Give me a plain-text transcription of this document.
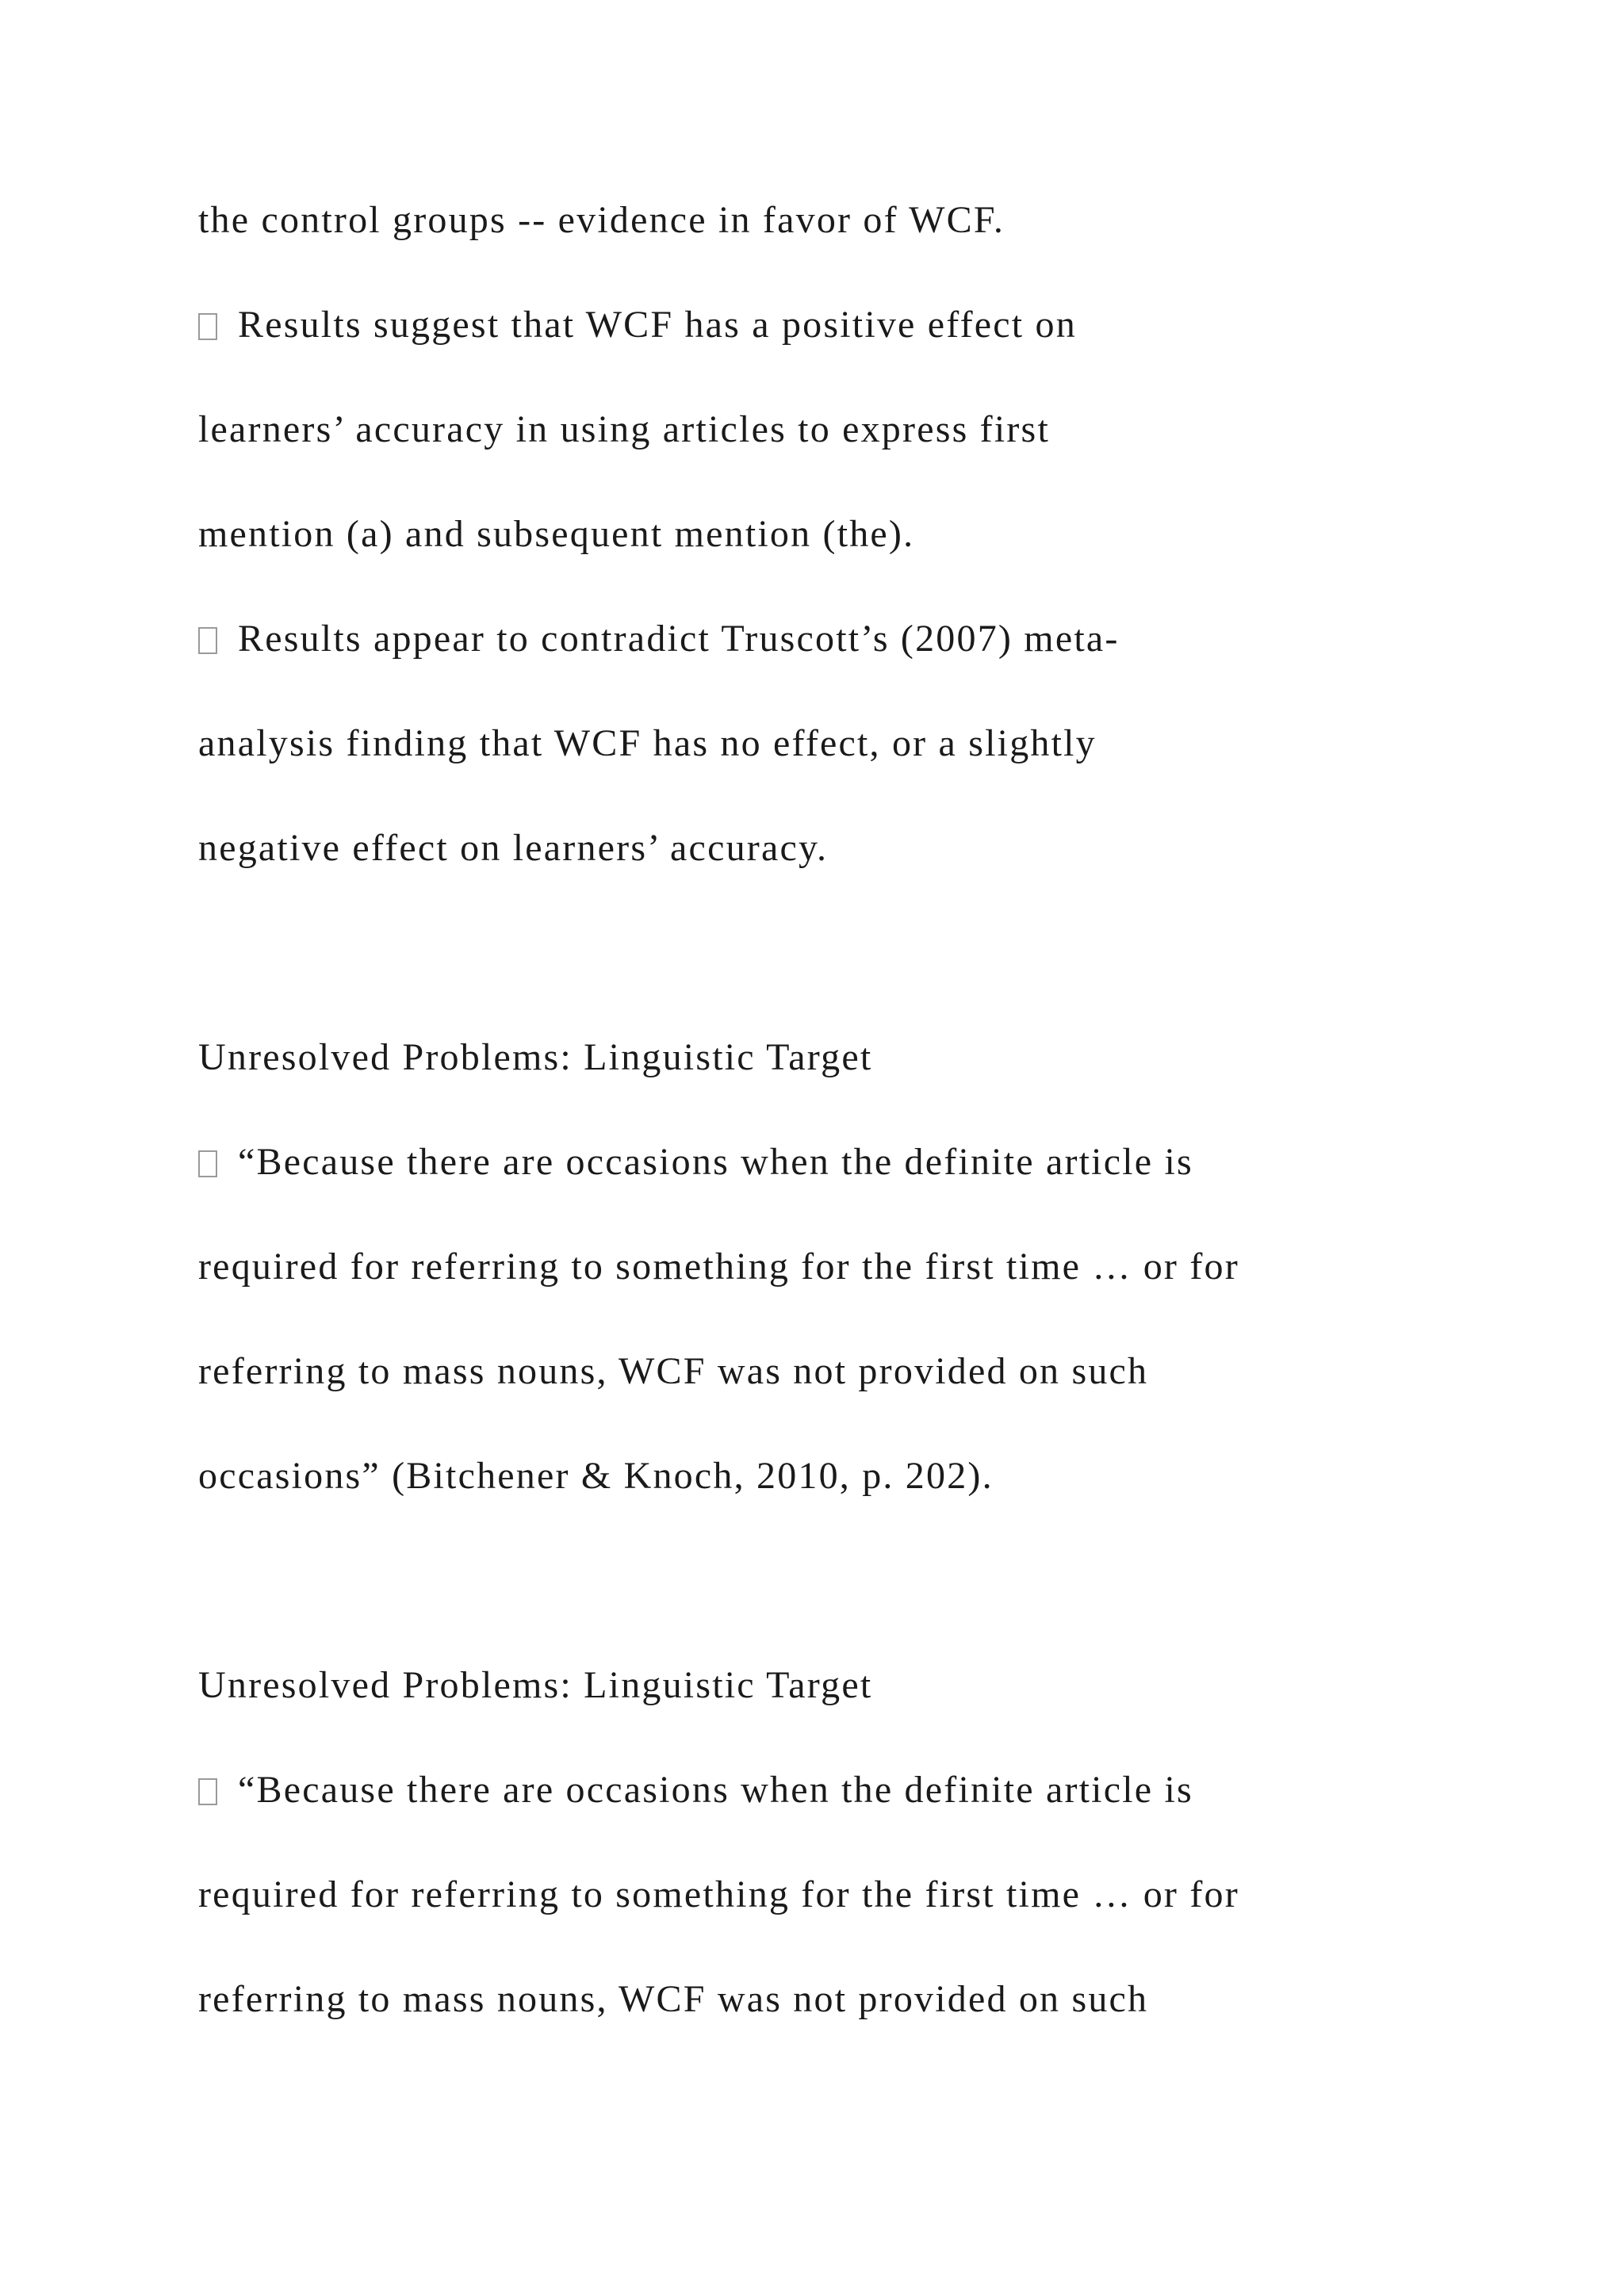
the control groups -- evidence in favor of WCF.
Results suggest that WCF has a positive effect on
learners’ accuracy in using articles to express first
mention (a) and subsequent mention (the).
Results appear to contradict Truscott’s (2007) meta-
analysis finding that WCF has no effect, or a slightly
negative effect on learners’ accuracy.
Unresolved Problems: Linguistic Target
“Because there are occasions when the definite article is
required for referring to something for the first time … or for
referring to mass nouns, WCF was not provided on such
occasions” (Bitchener & Knoch, 2010, p. 202).
Unresolved Problems: Linguistic Target
“Because there are occasions when the definite article is
required for referring to something for the first time … or for
referring to mass nouns, WCF was not provided on such
